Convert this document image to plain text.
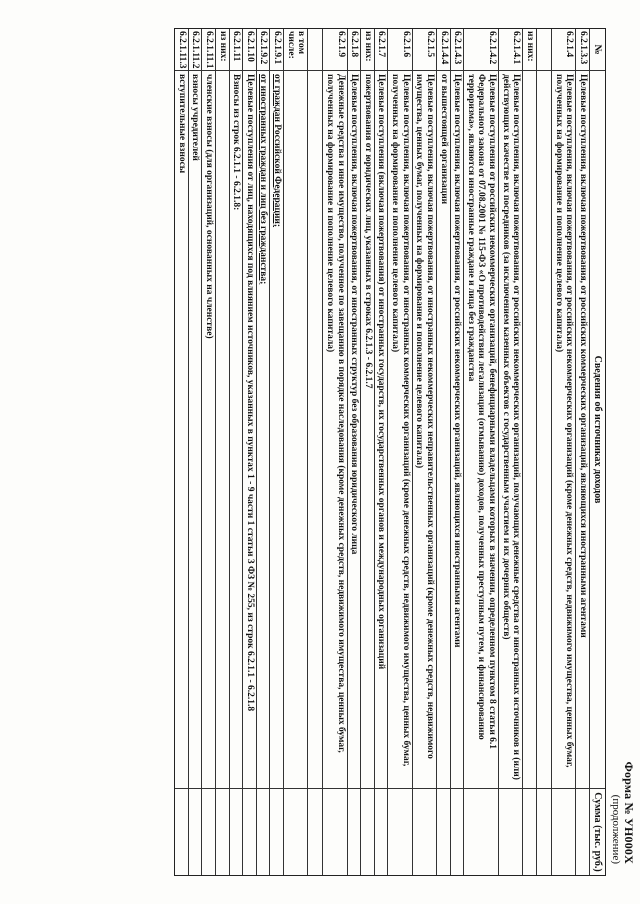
Форма № УН000Х
(продолжение)
№
Сведения об источниках доходов
Сумма (тыс. руб.)
6.2.1.3.3
Целевые поступления, включая пожертвования, от российских коммерческих организаций, являющихся иностранными агентами
6.2.1.4
Целевые поступления, включая пожертвования, от российских некоммерческих организаций (кроме денежных средств, недвижимого имущества, ценных бумаг, полученных на формирование и пополнение целевого капитала)
из них:
6.2.1.4.1
Целевые поступления, включая пожертвования, от российских некоммерческих организаций, получающих денежные средства от иностранных источников и (или) действующих в качестве их посредников (за исключением казенных объектов с государственным участием и их дочерних обществ)
6.2.1.4.2
Целевые поступления от российских некоммерческих организаций, бенефициарными владельцами которых в значении, определенном пунктом 8 статьи 6.1 Федерального закона от 07.08.2001 № 115-ФЗ «О противодействии легализации (отмыванию) доходов, полученных преступным путем, и финансированию терроризма», являются иностранные граждане и лица без гражданства
6.2.1.4.3
Целевые поступления, включая пожертвования, от российских некоммерческих организаций, являющихся иностранными агентами
6.2.1.4.4
от вышестоящей организации
6.2.1.5
Целевые поступления, включая пожертвования, от иностранных некоммерческих неправительственных организаций (кроме денежных средств, недвижимого имущества, ценных бумаг, полученных на формирование и пополнение целевого капитала)
6.2.1.6
Целевые поступления, включая пожертвования, от иностранных коммерческих организаций (кроме денежных средств, недвижимого имущества, ценных бумаг, полученных на формирование и пополнение целевого капитала)
6.2.1.7
Целевые поступления (включая пожертвования) от иностранных государств, их государственных органов и международных организаций
из них:
пожертвования от юридических лиц, указанных в строках 6.2.1.3 - 6.2.1.7
6.2.1.8
Целевые поступления, включая пожертвования, от иностранных структур без образования юридического лица
6.2.1.9
Денежные средства и иное имущество, полученное по завещанию в порядке наследования (кроме денежных средств, недвижимого имущества, ценных бумаг, полученных на формирование и пополнение целевого капитала)
в том числе:
6.2.1.9.1
от граждан Российской Федерации;
6.2.1.9.2
от иностранных граждан и лиц без гражданства;
6.2.1.10
Целевые поступления от лиц, находящихся под влиянием источников, указанных в пунктах 1 - 9 части 1 статьи 3 ФЗ № 255, из строк 6.2.1.1 - 6.2.1.8
6.2.1.11
Взносы из строк 6.2.1.1 - 6.2.1.8:
из них:
6.2.1.11.1
членские взносы (для организаций, основанных на членстве)
6.2.1.11.2
взносы учредителей
6.2.1.11.3
вступительные взносы
